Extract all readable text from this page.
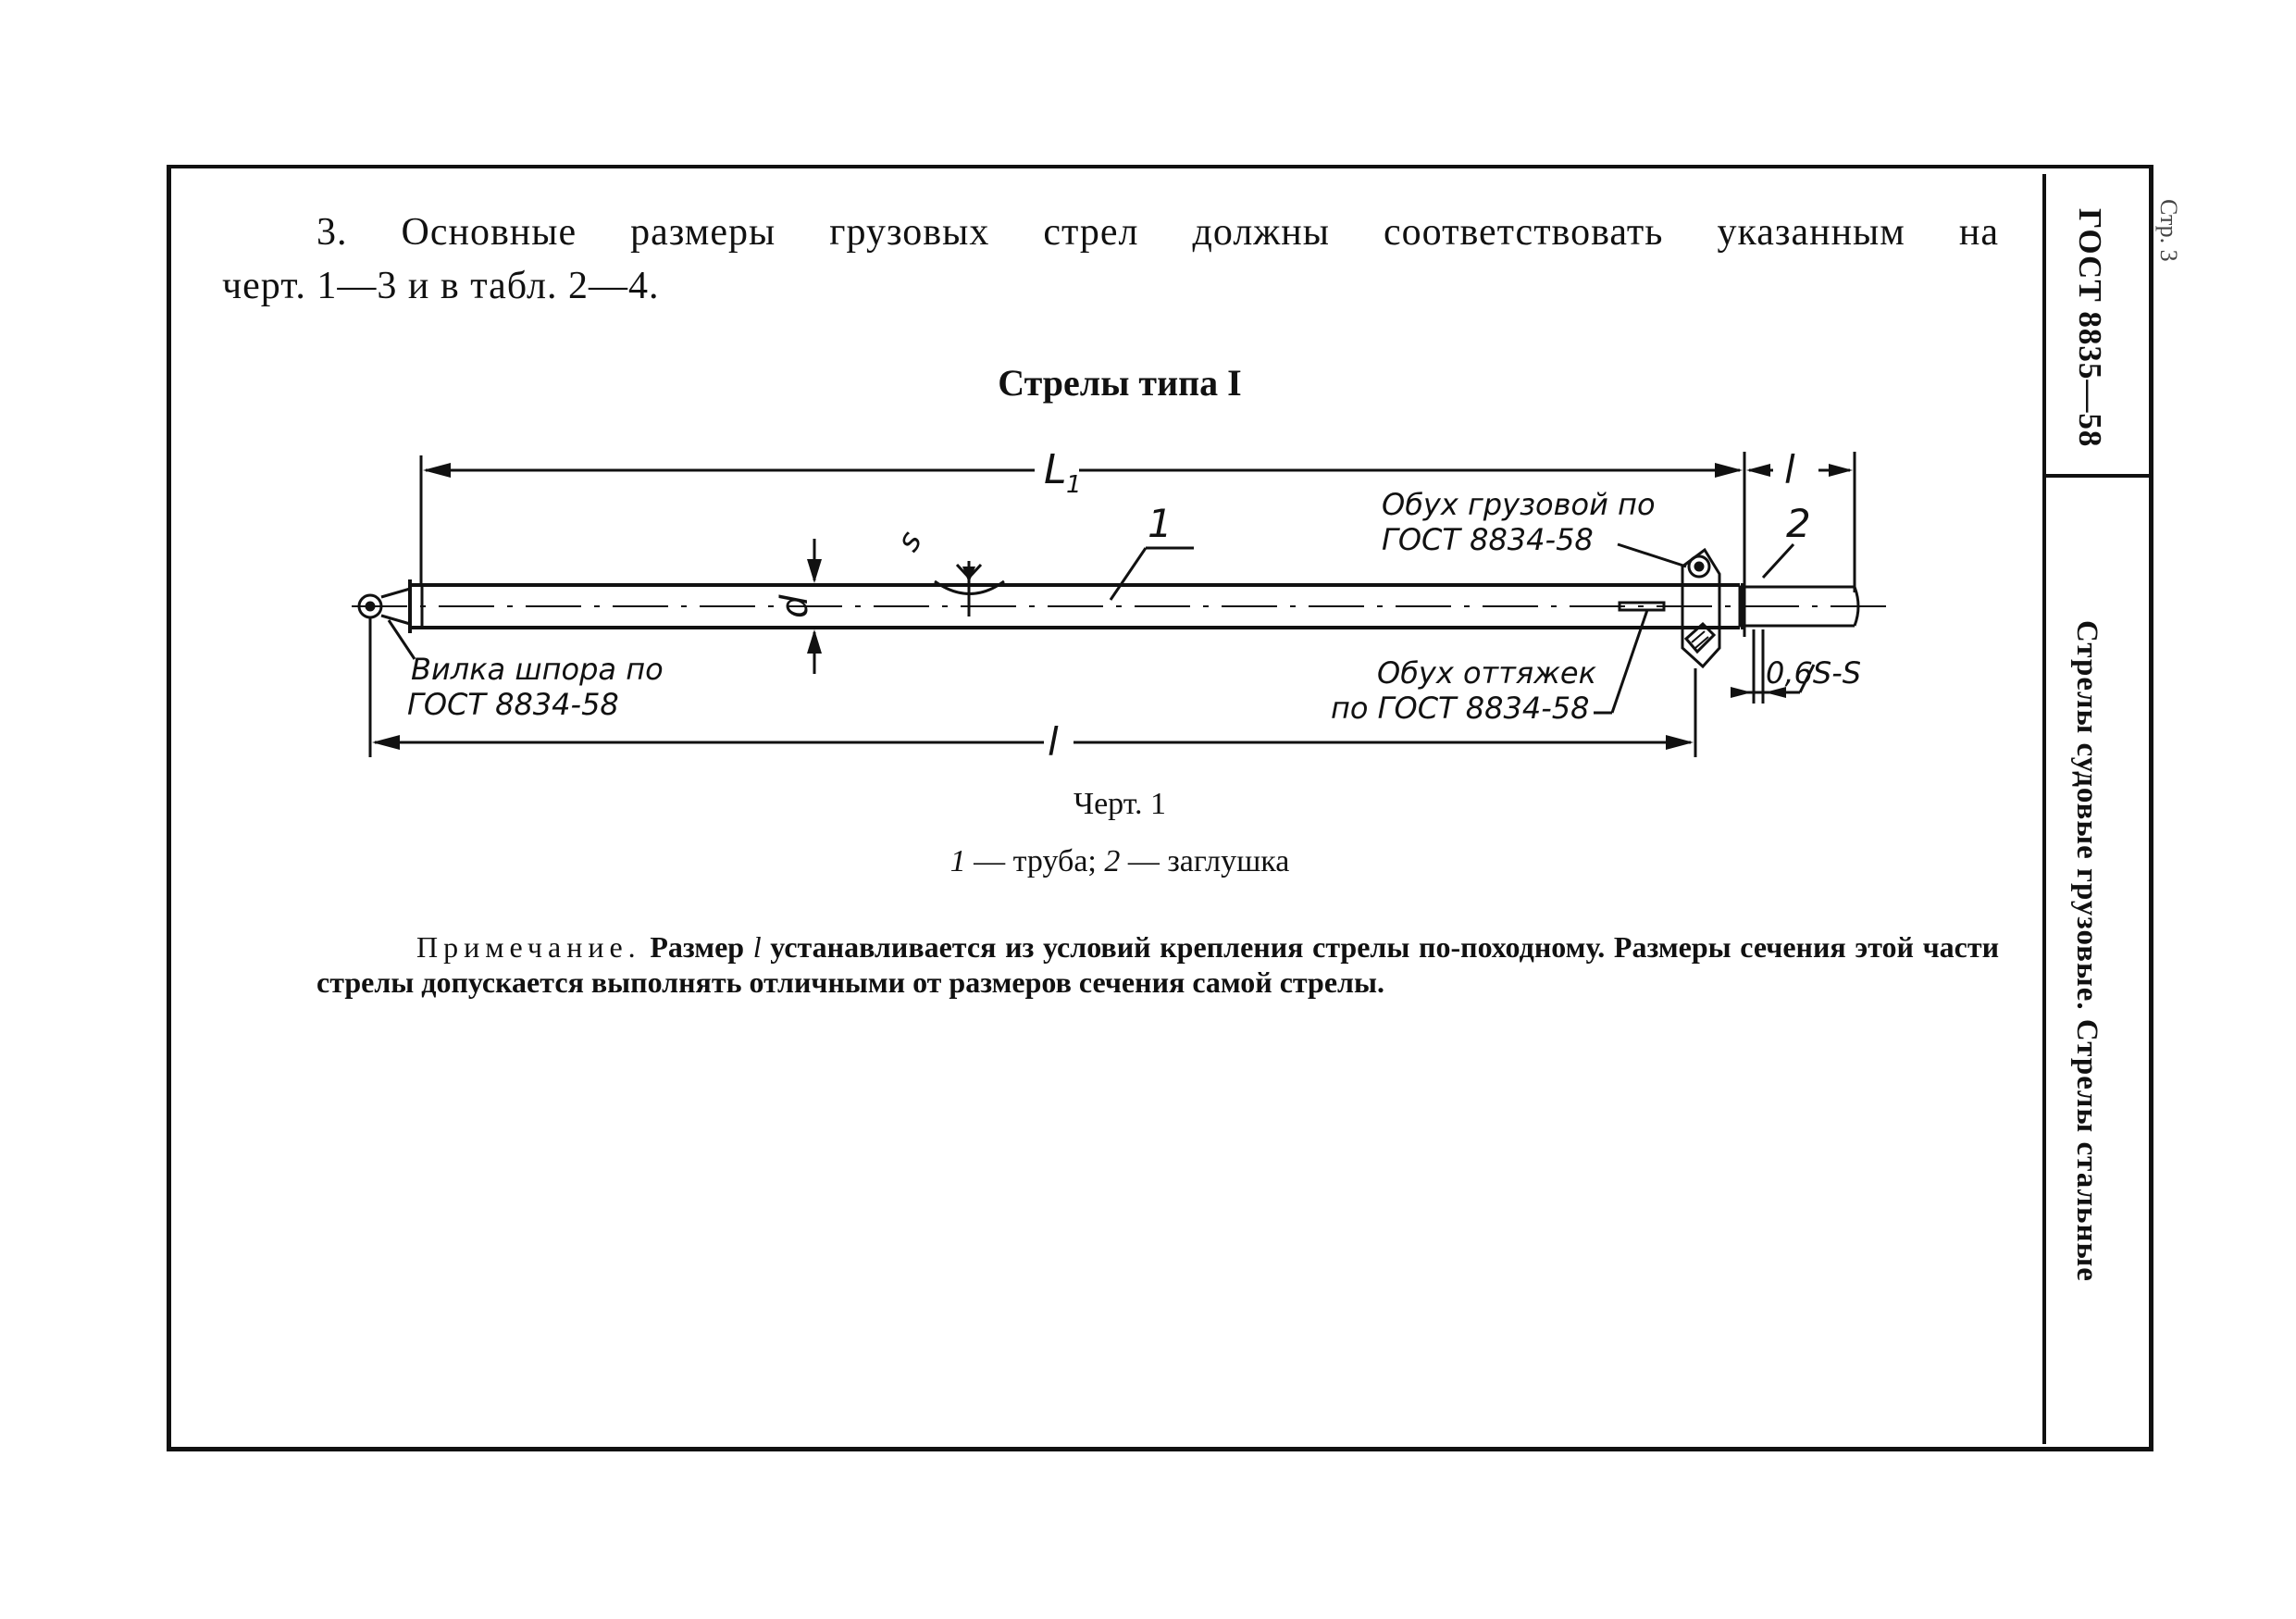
ГОСТ 8835—58
Стрелы судовые грузовые. Стрелы стальные
Стр. 3

3. Основные размеры грузовых стрел должны соответствовать указанным на

черт. 1—3 и в табл. 2—4.

Стрелы типа I
L 1	l
l
d
s	1	2
Обух грузовой по
ГОСТ 8834-58
Обух оттяжек
по ГОСТ 8834-58
Вилка шпора по
ГОСТ 8834-58
0,6S-S
Черт. 1
1 — труба; 2 — заглушка

Примечание. Размер l устанавливается из условий крепления стрелы по-походному. Размеры сечения этой части стрелы допускается выполнять отличными от размеров сечения самой стрелы.
